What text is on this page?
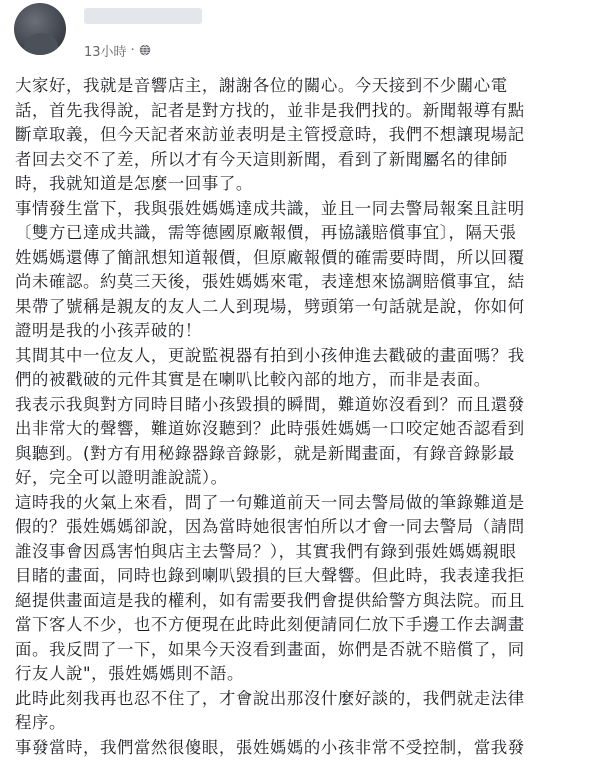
13小時 ·

大家好，我就是音響店主，謝謝各位的關心。今天接到不少關心電

話，首先我得說，記者是對方找的，並非是我們找的。新聞報導有點

斷章取義，但今天記者來訪並表明是主管授意時，我們不想讓現場記

者回去交不了差，所以才有今天這則新聞，看到了新聞屬名的律師

時，我就知道是怎麼一回事了。

事情發生當下，我與張姓媽媽達成共識，並且一同去警局報案且註明

〔雙方已達成共識，需等德國原廠報價，再協議賠償事宜〕，隔天張

姓媽媽還傳了簡訊想知道報價，但原廠報價的確需要時間，所以回覆

尚未確認。約莫三天後，張姓媽媽來電，表達想來協調賠償事宜，結

果帶了號稱是親友的友人二人到現場，劈頭第一句話就是說，你如何

證明是我的小孩弄破的！

其間其中一位友人，更說監視器有拍到小孩伸進去戳破的畫面嗎？我

們的被戳破的元件其實是在喇叭比較內部的地方，而非是表面。

我表示我與對方同時目睹小孩毀損的瞬間，難道妳沒看到？而且還發

出非常大的聲響，難道妳沒聽到？此時張姓媽媽一口咬定她否認看到

與聽到。(對方有用秘錄器錄音錄影，就是新聞畫面，有錄音錄影最

好，完全可以證明誰說謊）。

這時我的火氣上來看，問了一句難道前天一同去警局做的筆錄難道是

假的？張姓媽媽卻說，因為當時她很害怕所以才會一同去警局（請問

誰沒事會因爲害怕與店主去警局？），其實我們有錄到張姓媽媽親眼

目睹的畫面，同時也錄到喇叭毀損的巨大聲響。但此時，我表達我拒

絕提供畫面這是我的權利，如有需要我們會提供給警方與法院。而且

當下客人不少，也不方便現在此時此刻便請同仁放下手邊工作去調畫

面。我反問了一下，如果今天沒看到畫面，妳們是否就不賠償了，同

行友人說"，張姓媽媽則不語。

此時此刻我再也忍不住了，才會說出那沒什麼好談的，我們就走法律

程序。

事發當時，我們當然很傻眼，張姓媽媽的小孩非常不受控制，當我發
